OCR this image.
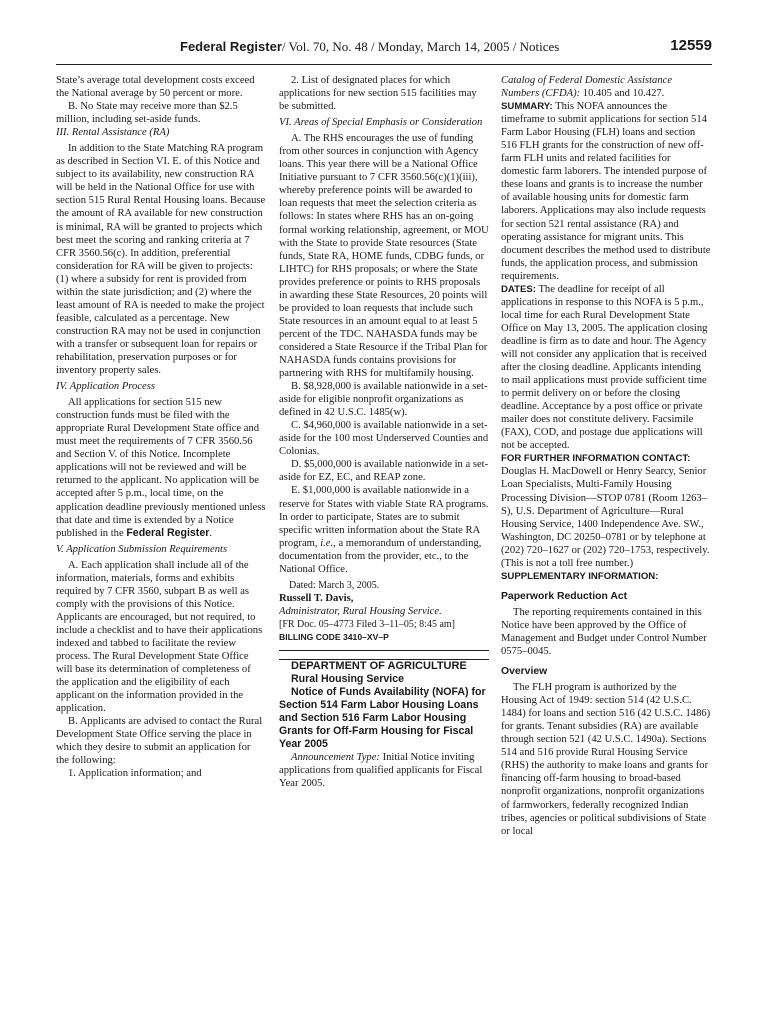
Federal Register/ Vol. 70, No. 48 / Monday, March 14, 2005 / Notices	12559

State’s average total development costs exceed the National average by 50 percent or more.

B. No State may receive more than $2.5 million, including set-aside funds.

III. Rental Assistance (RA)

In addition to the State Matching RA program as described in Section VI. E. of this Notice and subject to its availability, new construction RA will be held in the National Office for use with section 515 Rural Rental Housing loans. Because the amount of RA available for new construction is minimal, RA will be granted to projects which best meet the scoring and ranking criteria at 7 CFR 3560.56(c). In addition, preferential consideration for RA will be given to projects: (1) where a subsidy for rent is provided from within the state jurisdiction; and (2) where the least amount of RA is needed to make the project feasible, calculated as a percentage. New construction RA may not be used in conjunction with a transfer or subsequent loan for repairs or rehabilitation, preservation purposes or for inventory property sales.

IV. Application Process

All applications for section 515 new construction funds must be filed with the appropriate Rural Development State office and must meet the requirements of 7 CFR 3560.56 and Section V. of this Notice. Incomplete applications will not be reviewed and will be returned to the applicant. No application will be accepted after 5 p.m., local time, on the application deadline previously mentioned unless that date and time is extended by a Notice published in the Federal Register.

V. Application Submission Requirements

A. Each application shall include all of the information, materials, forms and exhibits required by 7 CFR 3560, subpart B as well as comply with the provisions of this Notice. Applicants are encouraged, but not required, to include a checklist and to have their applications indexed and tabbed to facilitate the review process. The Rural Development State Office will base its determination of completeness of the application and the eligibility of each applicant on the information provided in the application.

B. Applicants are advised to contact the Rural Development State Office serving the place in which they desire to submit an application for the following:

1. Application information; and

2. List of designated places for which applications for new section 515 facilities may be submitted.

VI. Areas of Special Emphasis or Consideration

A. The RHS encourages the use of funding from other sources in conjunction with Agency loans. This year there will be a National Office Initiative pursuant to 7 CFR 3560.56(c)(1)(iii), whereby preference points will be awarded to loan requests that meet the selection criteria as follows: In states where RHS has an on-going formal working relationship, agreement, or MOU with the State to provide State resources (State funds, State RA, HOME funds, CDBG funds, or LIHTC) for RHS proposals; or where the State provides preference or points to RHS proposals in awarding these State Resources, 20 points will be provided to loan requests that include such State resources in an amount equal to at least 5 percent of the TDC. NAHASDA funds may be considered a State Resource if the Tribal Plan for NAHASDA funds contains provisions for partnering with RHS for multifamily housing.

B. $8,928,000 is available nationwide in a set-aside for eligible nonprofit organizations as defined in 42 U.S.C. 1485(w).

C. $4,960,000 is available nationwide in a set-aside for the 100 most Underserved Counties and Colonias.

D. $5,000,000 is available nationwide in a set-aside for EZ, EC, and REAP zone.

E. $1,000,000 is available nationwide in a reserve for States with viable State RA programs. In order to participate, States are to submit specific written information about the State RA program, i.e., a memorandum of understanding, documentation from the provider, etc., to the National Office.

Dated: March 3, 2005.

Russell T. Davis,

Administrator, Rural Housing Service.

[FR Doc. 05–4773 Filed 3–11–05; 8:45 am]

BILLING CODE 3410–XV–P

DEPARTMENT OF AGRICULTURE

Rural Housing Service

Notice of Funds Availability (NOFA) for Section 514 Farm Labor Housing Loans and Section 516 Farm Labor Housing Grants for Off-Farm Housing for Fiscal Year 2005

Announcement Type: Initial Notice inviting applications from qualified applicants for Fiscal Year 2005.

Catalog of Federal Domestic Assistance Numbers (CFDA): 10.405 and 10.427.

SUMMARY: This NOFA announces the timeframe to submit applications for section 514 Farm Labor Housing (FLH) loans and section 516 FLH grants for the construction of new off-farm FLH units and related facilities for domestic farm laborers. The intended purpose of these loans and grants is to increase the number of available housing units for domestic farm laborers. Applications may also include requests for section 521 rental assistance (RA) and operating assistance for migrant units. This document describes the method used to distribute funds, the application process, and submission requirements.

DATES: The deadline for receipt of all applications in response to this NOFA is 5 p.m., local time for each Rural Development State Office on May 13, 2005. The application closing deadline is firm as to date and hour. The Agency will not consider any application that is received after the closing deadline. Applicants intending to mail applications must provide sufficient time to permit delivery on or before the closing deadline. Acceptance by a post office or private mailer does not constitute delivery. Facsimile (FAX), COD, and postage due applications will not be accepted.

FOR FURTHER INFORMATION CONTACT:

Douglas H. MacDowell or Henry Searcy, Senior Loan Specialists, Multi-Family Housing Processing Division—STOP 0781 (Room 1263–S), U.S. Department of Agriculture—Rural Housing Service, 1400 Independence Ave. SW., Washington, DC 20250–0781 or by telephone at (202) 720–1627 or (202) 720–1753, respectively. (This is not a toll free number.)

SUPPLEMENTARY INFORMATION:

Paperwork Reduction Act

The reporting requirements contained in this Notice have been approved by the Office of Management and Budget under Control Number 0575–0045.

Overview

The FLH program is authorized by the Housing Act of 1949: section 514 (42 U.S.C. 1484) for loans and section 516 (42 U.S.C. 1486) for grants. Tenant subsidies (RA) are available through section 521 (42 U.S.C. 1490a). Sections 514 and 516 provide Rural Housing Service (RHS) the authority to make loans and grants for financing off-farm housing to broad-based nonprofit organizations, nonprofit organizations of farmworkers, federally recognized Indian tribes, agencies or political subdivisions of State or local
